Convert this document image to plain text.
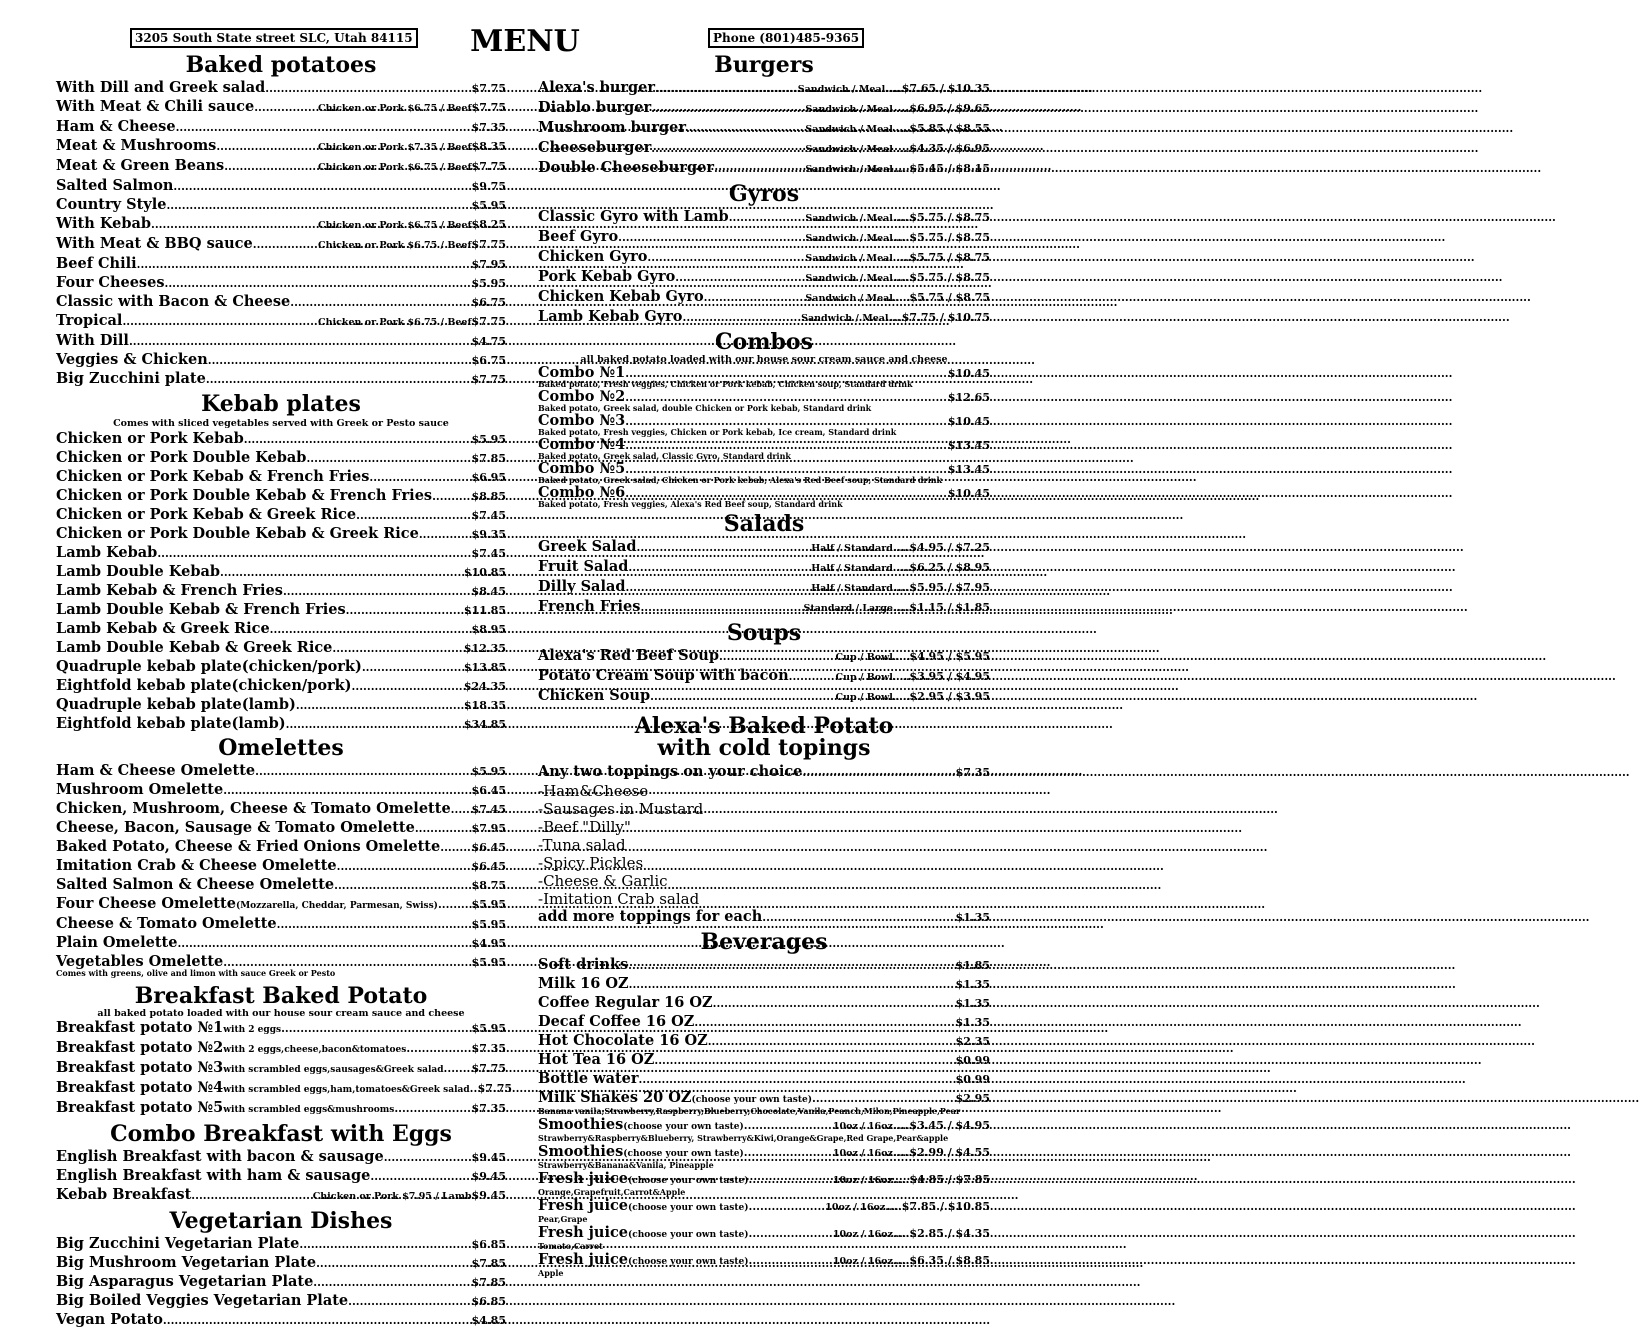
3205 South State street SLC, Utah 84115	MENU	Phone (801)485-9365
Baked potatoes
With Dill and Greek salad .....	$7.75
With Meat & Chili sauce .....	Chicken or Pork $6.75 / Beef $7.75
Ham & Cheese .....	$7.35
Meat & Mushrooms .....	Chicken or Pork $7.35 / Beef $8.35
Meat & Green Beans .....	Chicken or Pork $6.75 / Beef $7.75
Salted Salmon .....	$9.75
Country Style .....	$5.95
With Kebab .....	Chicken or Pork $6.75 / Beef $8.25
With Meat & BBQ sauce .....	Chicken or Pork $6.75 / Beef $7.75
Beef Chili .....	$7.95
Four Cheeses .....	$5.95
Classic with Bacon & Cheese .....	$6.75
Tropical .....	Chicken or Pork $6.75 / Beef $7.75
With Dill .....	$4.75
Veggies & Chicken .....	$6.75
Big Zucchini plate .....	$7.75
Kebab plates
Comes with sliced vegetables served with Greek or Pesto sauce
Chicken or Pork Kebab .....	$5.95
Chicken or Pork Double Kebab .....	$7.85
Chicken or Pork Kebab & French Fries .....	$6.95
Chicken or Pork Double Kebab & French Fries .....	$8.85
Chicken or Pork Kebab & Greek Rice .....	$7.45
Chicken or Pork Double Kebab & Greek Rice .....	$9.35
Lamb Kebab .....	$7.45
Lamb Double Kebab .....	$10.85
Lamb Kebab & French Fries .....	$8.45
Lamb Double Kebab & French Fries .....	$11.85
Lamb Kebab & Greek Rice .....	$8.95
Lamb Double Kebab & Greek Rice .....	$12.35
Quadruple kebab plate(chicken/pork) .....	$13.85
Eightfold kebab plate(chicken/pork) .....	$24.35
Quadruple kebab plate(lamb) .....	$18.35
Eightfold kebab plate(lamb) .....	$34.85
Omelettes
Ham & Cheese Omelette .....	$5.95
Mushroom Omelette .....	$6.45
Chicken, Mushroom, Cheese & Tomato Omelette ..... $7.45
Cheese, Bacon, Sausage & Tomato Omelette .....	$7.95
Baked Potato, Cheese & Fried Onions Omelette .....	$6.45
Imitation Crab & Cheese Omelette .....	$6.45
Salted Salmon & Cheese Omelette .....	$8.75
Four Cheese Omelette(Mozzarella, Cheddar, Parmesan, Swiss) .....	$5.95
Cheese & Tomato Omelette .....	$5.95
Plain Omelette .....	$4.95
Vegetables Omelette .....	$5.95
Comes with greens, olive and limon with sauce Greek or Pesto
Breakfast Baked Potato
all baked potato loaded with our house sour cream sauce and cheese
Breakfast potato №1with 2 eggs .....	$5.95
Breakfast potato №2with 2 eggs,cheese,bacon&tomatoes .....	$7.35
Breakfast potato №3with scrambled eggs,sausages&Greek salad .....	$7.75
Breakfast potato №4with scrambled eggs,ham,tomatoes&Greek salad ..... $7.75
Breakfast potato №5with scrambled eggs&mushrooms .....	$7.35
Combo Breakfast with Eggs
English Breakfast with bacon & sausage .....	$9.45
English Breakfast with ham & sausage .....	$9.45
Kebab Breakfast .....	Chicken or Pork $7.95 / Lamb $9.45
Vegetarian Dishes
Big Zucchini Vegetarian Plate .....	$6.85
Big Mushroom Vegetarian Plate .....	$7.85
Big Asparagus Vegetarian Plate .....	$7.85
Big Boiled Veggies Vegetarian Plate .....	$6.85
Vegan Potato .....	$4.85
Burgers
Alexa's burger .....	Sandwich / Meal..... $7.65 / $10.35
Diablo burger .....	Sandwich / Meal..... $6.95 / $9.65
Mushroom burger .....	Sandwich / Meal..... $5.85 / $8.55
Cheeseburger .....	Sandwich / Meal..... $4.35 / $6.95
Double Cheeseburger .....	Sandwich / Meal..... $5.45 / $8.15
Gyros
Classic Gyro with Lamb .....	Sandwich / Meal..... $5.75 / $8.75
Beef Gyro .....	Sandwich / Meal..... $5.75 / $8.75
Chicken Gyro .....	Sandwich / Meal..... $5.75 / $8.75
Pork Kebab Gyro .....	Sandwich / Meal..... $5.75 / $8.75
Chicken Kebab Gyro .....	Sandwich / Meal..... $5.75 / $8.75
Lamb Kebab Gyro .....	Sandwich / Meal.... $7.75 / $10.75
Combos
all baked potato loaded with our house sour cream sauce and cheese
Combo №1 .....	$10.45
Baked potato, Fresh veggies, Chicken or Pork kebab, Chicken soup, Standard drink
Combo №2 .....	$12.65
Baked potato, Greek salad, double Chicken or Pork kebab, Standard drink
Combo №3 .....	$10.45
Baked potato, Fresh veggies, Chicken or Pork kebab, Ice cream, Standard drink
Combo №4 .....	$13.45
Baked potato, Greek salad, Classic Gyro, Standard drink
Combo №5 .....	$13.45
Baked potato, Greek salad, Chicken or Pork kebab, Alexa's Red Beef soup, Standard drink
Combo №6 .....	$10.45
Baked potato, Fresh veggies, Alexa's Red Beef soup, Standard drink
Salads
Greek Salad .....	Half / Standard..... $4.95 / $7.25
Fruit Salad .....	Half / Standard..... $6.25 / $8.95
Dilly Salad .....	Half / Standard..... $5.95 / $7.95
French Fries .....	Standard / Large..... $1.15 / $1.85
Soups
Alexa's Red Beef Soup .....	Cup / Bowl..... $4.95 / $5.95
Potato Cream Soup with bacon .....	Cup / Bowl..... $3.95 / $4.95
Chicken Soup .....	Cup / Bowl..... $2.95 / $3.95
Alexa's Baked Potato
with cold topings
Any two toppings on your choice .....	$7.35
-Ham&Cheese
-Sausages in Mustard
-Beef "Dilly"
-Tuna salad
-Spicy Pickles
-Cheese & Garlic
-Imitation Crab salad
add more toppings for each .....	$1.35
Beverages
Soft drinks .....	$1.85
Milk 16 OZ .....	$1.35
Coffee Regular 16 OZ .....	$1.35
Decaf Coffee 16 OZ .....	$1.35
Hot Chocolate 16 OZ .....	$2.35
Hot Tea 16 OZ .....	$0.99
Bottle water .....	$0.99
Milk Shakes 20 OZ(choose your own taste) .....	$2.95
Banana vanila,Strawberry,Raspberry,Blueberry,Chocolate,Vanila,Peanch,Milon,Pineapple,Pear
Smoothies(choose your own taste) .....	10oz / 16oz..... $3.45 / $4.95
Strawberry&Raspberry&Blueberry, Strawberry&Kiwi,Orange&Grape,Red Grape,Pear&apple
Smoothies(choose your own taste) .....	10oz / 16oz..... $2.99 / $4.55
Strawberry&Banana&Vanila, Pineapple
Fresh juice(choose your own taste) .....	10oz / 16oz..... $4.85 / $7.85
Orange,Grapefruit,Carrot&Apple
Fresh juice(choose your own taste) .....	10oz / 16oz..... $7.85 / $10.85
Pear,Grape
Fresh juice(choose your own taste) .....	10oz / 16oz..... $2.85 / $4.35
Tomato,Carrot
Fresh juice(choose your own taste) .....	10oz / 16oz..... $6.35 / $8.85
Apple
